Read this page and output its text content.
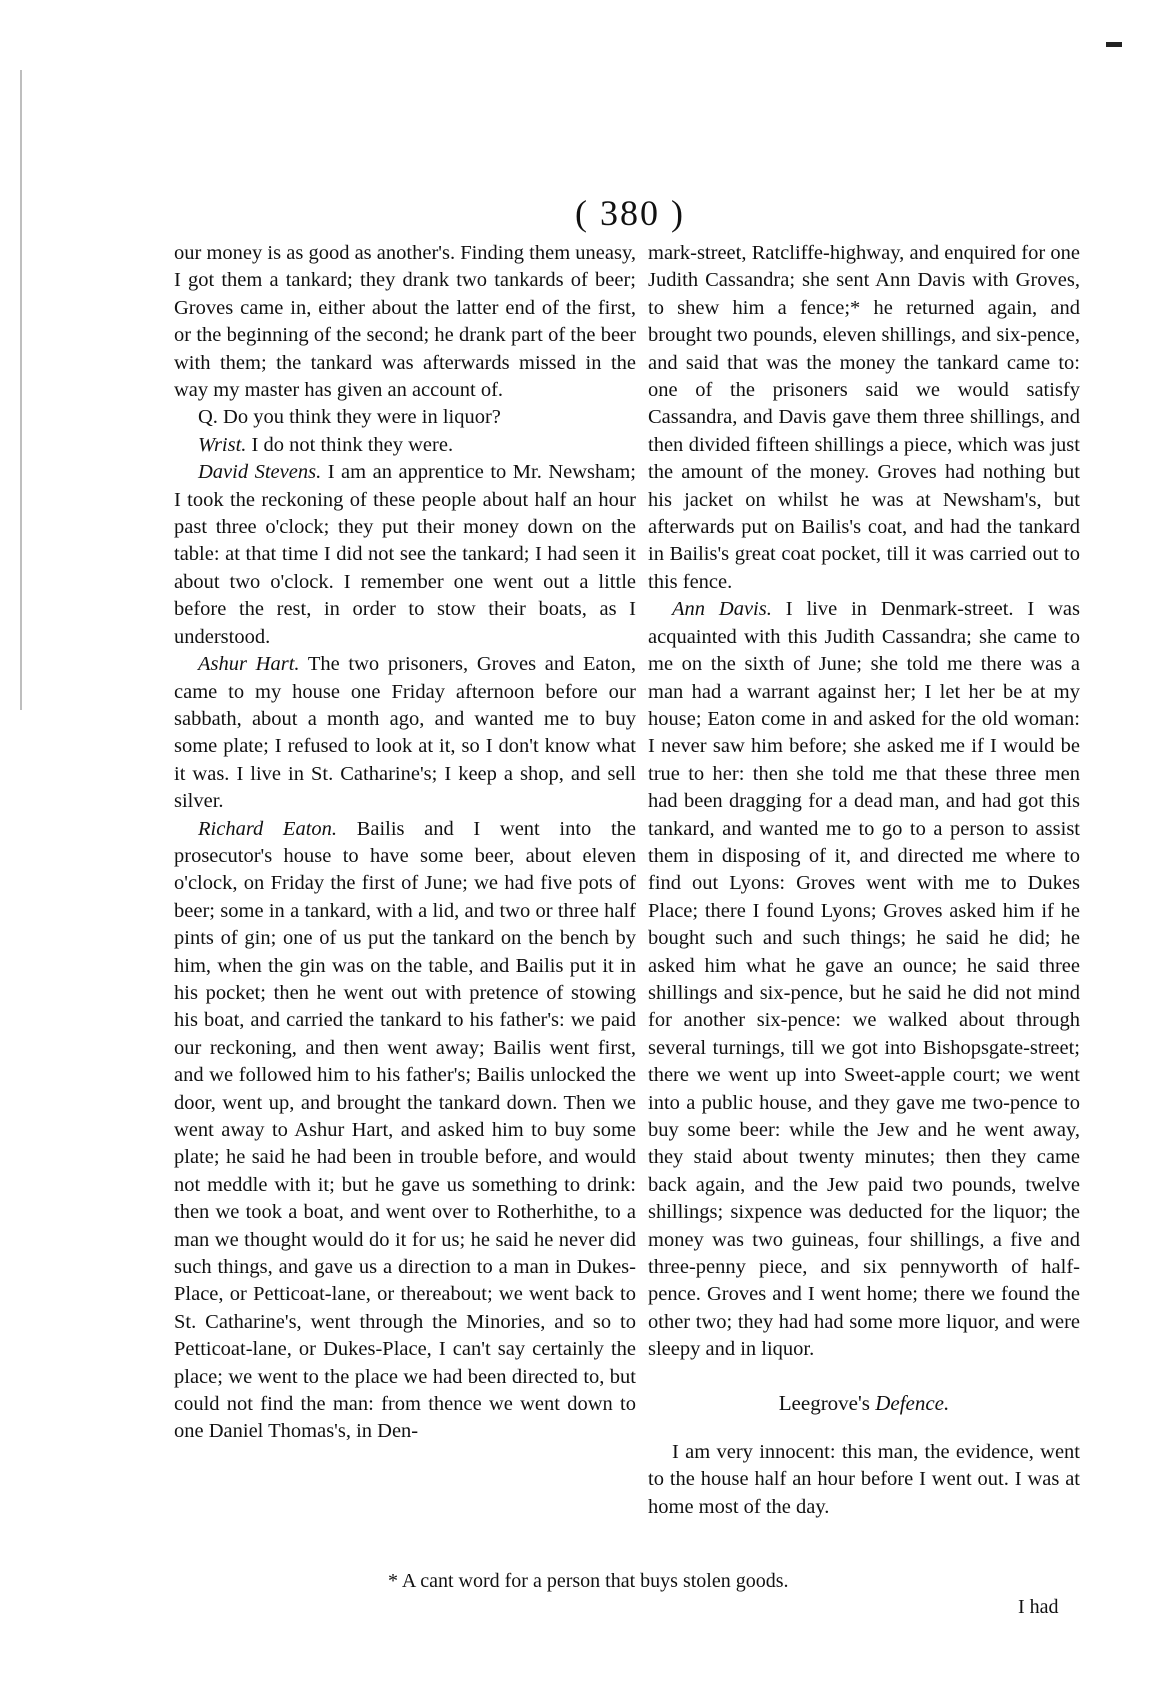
( 380 )

our money is as good as another's. Finding them uneasy, I got them a tankard; they drank two tankards of beer; Groves came in, either about the latter end of the first, or the beginning of the second; he drank part of the beer with them; the tankard was afterwards missed in the way my master has given an account of.

Q. Do you think they were in liquor?

Wrist. I do not think they were.

David Stevens. I am an apprentice to Mr. Newsham; I took the reckoning of these people about half an hour past three o'clock; they put their money down on the table: at that time I did not see the tankard; I had seen it about two o'clock. I remember one went out a little before the rest, in order to stow their boats, as I understood.

Ashur Hart. The two prisoners, Groves and Eaton, came to my house one Friday afternoon before our sabbath, about a month ago, and wanted me to buy some plate; I refused to look at it, so I don't know what it was. I live in St. Catharine's; I keep a shop, and sell silver.

Richard Eaton. Bailis and I went into the prosecutor's house to have some beer, about eleven o'clock, on Friday the first of June; we had five pots of beer; some in a tankard, with a lid, and two or three half pints of gin; one of us put the tankard on the bench by him, when the gin was on the table, and Bailis put it in his pocket; then he went out with pretence of stowing his boat, and carried the tankard to his father's: we paid our reckoning, and then went away; Bailis went first, and we followed him to his father's; Bailis unlocked the door, went up, and brought the tankard down. Then we went away to Ashur Hart, and asked him to buy some plate; he said he had been in trouble before, and would not meddle with it; but he gave us something to drink: then we took a boat, and went over to Rotherhithe, to a man we thought would do it for us; he said he never did such things, and gave us a direction to a man in Dukes-Place, or Petticoat-lane, or thereabout; we went back to St. Catharine's, went through the Minories, and so to Petticoat-lane, or Dukes-Place, I can't say certainly the place; we went to the place we had been directed to, but could not find the man: from thence we went down to one Daniel Thomas's, in Den-

mark-street, Ratcliffe-highway, and enquired for one Judith Cassandra; she sent Ann Davis with Groves, to shew him a fence;* he returned again, and brought two pounds, eleven shillings, and six-pence, and said that was the money the tankard came to: one of the prisoners said we would satisfy Cassandra, and Davis gave them three shillings, and then divided fifteen shillings a piece, which was just the amount of the money. Groves had nothing but his jacket on whilst he was at Newsham's, but afterwards put on Bailis's coat, and had the tankard in Bailis's great coat pocket, till it was carried out to this fence.

Ann Davis. I live in Denmark-street. I was acquainted with this Judith Cassandra; she came to me on the sixth of June; she told me there was a man had a warrant against her; I let her be at my house; Eaton come in and asked for the old woman: I never saw him before; she asked me if I would be true to her: then she told me that these three men had been dragging for a dead man, and had got this tankard, and wanted me to go to a person to assist them in disposing of it, and directed me where to find out Lyons: Groves went with me to Dukes Place; there I found Lyons; Groves asked him if he bought such and such things; he said he did; he asked him what he gave an ounce; he said three shillings and six-pence, but he said he did not mind for another six-pence: we walked about through several turnings, till we got into Bishopsgate-street; there we went up into Sweet-apple court; we went into a public house, and they gave me two-pence to buy some beer: while the Jew and he went away, they staid about twenty minutes; then they came back again, and the Jew paid two pounds, twelve shillings; sixpence was deducted for the liquor; the money was two guineas, four shillings, a five and three-penny piece, and six pennyworth of half-pence. Groves and I went home; there we found the other two; they had had some more liquor, and were sleepy and in liquor.

Leegrove's Defence.

I am very innocent: this man, the evidence, went to the house half an hour before I went out. I was at home most of the day.

* A cant word for a person that buys stolen goods.
I had
